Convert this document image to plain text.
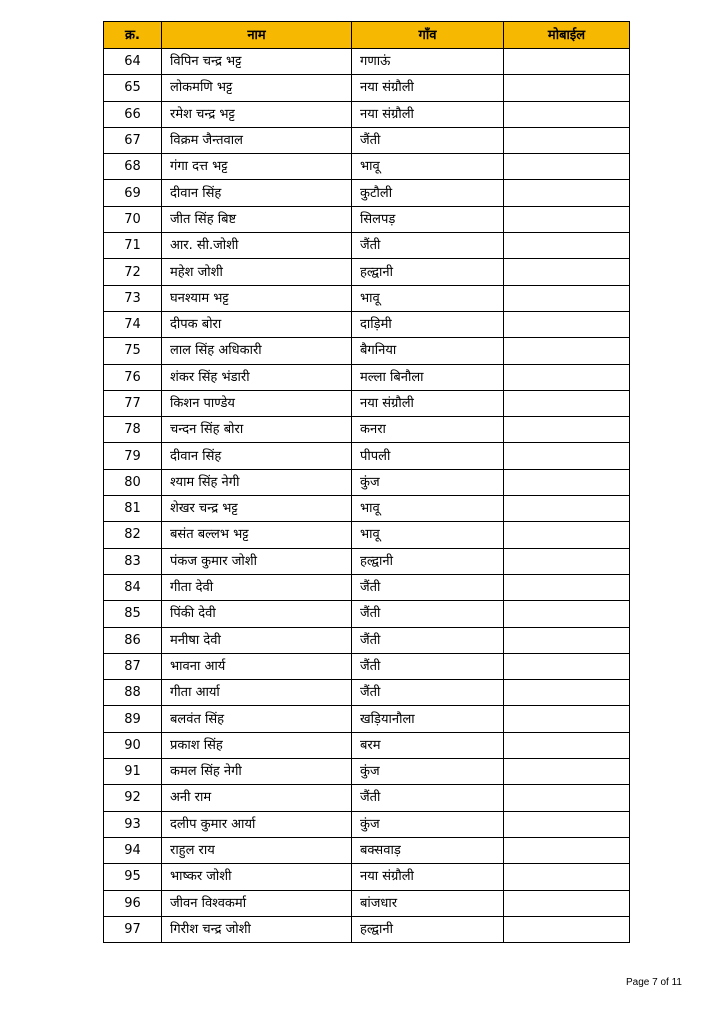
क्र.	नाम	गाँव	मोबाईल
64	विपिन चन्द्र भट्ट	गणाऊं	
65	लोकमणि भट्ट	नया संग्रौली	
66	रमेश चन्द्र भट्ट	नया संग्रौली	
67	विक्रम जैन्तवाल	जैंती	
68	गंगा दत्त भट्ट	भावू	
69	दीवान सिंह	कुटौली	
70	जीत सिंह बिष्ट	सिलपड़	
71	आर. सी.जोशी	जैंती	
72	महेश जोशी	हल्द्वानी	
73	घनश्याम भट्ट	भावू	
74	दीपक बोरा	दाड़िमी	
75	लाल सिंह अधिकारी	बैगनिया	
76	शंकर सिंह भंडारी	मल्ला बिनौला	
77	किशन पाण्डेय	नया संग्रौली	
78	चन्दन सिंह बोरा	कनरा	
79	दीवान सिंह	पीपली	
80	श्याम सिंह नेगी	कुंज	
81	शेखर चन्द्र भट्ट	भावू	
82	बसंत बल्लभ भट्ट	भावू	
83	पंकज कुमार जोशी	हल्द्वानी	
84	गीता देवी	जैंती	
85	पिंकी देवी	जैंती	
86	मनीषा देवी	जैंती	
87	भावना आर्य	जैंती	
88	गीता आर्या	जैंती	
89	बलवंत सिंह	खड़ियानौला	
90	प्रकाश सिंह	बरम	
91	कमल सिंह नेगी	कुंज	
92	अनी राम	जैंती	
93	दलीप कुमार आर्या	कुंज	
94	राहुल राय	बक्सवाड़	
95	भाष्कर जोशी	नया संग्रौली	
96	जीवन विश्वकर्मा	बांजधार	
97	गिरीश चन्द्र जोशी	हल्द्वानी	
Page 7 of 11
